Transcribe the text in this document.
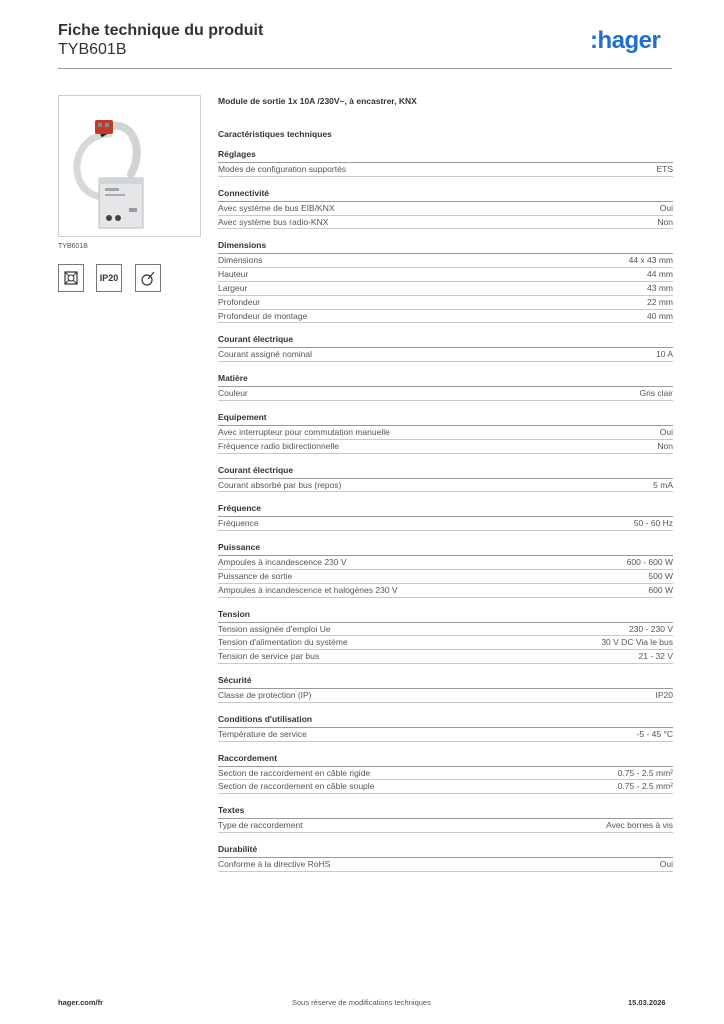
Fiche technique du produit
TYB601B	:hager
TYB601B
IP20
Module de sortie 1x 10A /230V~, à encastrer, KNX
Caractéristiques techniques
Réglages
Modes de configuration supportés	ETS
Connectivité
Avec système de bus EIB/KNX	Oui
Avec système bus radio-KNX	Non
Dimensions
Dimensions	44 x 43 mm
Hauteur	44 mm
Largeur	43 mm
Profondeur	22 mm
Profondeur de montage	40 mm
Courant électrique
Courant assigné nominal	10 A
Matière
Couleur	Gris clair
Equipement
Avec interrupteur pour commutation manuelle	Oui
Fréquence radio bidirectionnelle	Non
Courant électrique
Courant absorbé par bus (repos)	5 mA
Fréquence
Fréquence	50 - 60 Hz
Puissance
Ampoules à incandescence 230 V	600 - 600 W
Puissance de sortie	500 W
Ampoules à incandescence et halogènes 230 V	600 W
Tension
Tension assignée d'emploi Ue	230 - 230 V
Tension d'alimentation du système	30 V DC Via le bus
Tension de service par bus	21 - 32 V
Sécurité
Classe de protection (IP)	IP20
Conditions d'utilisation
Température de service	-5 - 45 °C
Raccordement
Section de raccordement en câble rigide	0.75 - 2.5 mm²
Section de raccordement en câble souple	0.75 - 2.5 mm²
Textes
Type de raccordement	Avec bornes à vis
Durabilité
Conforme à la directive RoHS	Oui
hager.com/fr	Sous réserve de modifications techniques	15.03.2026
